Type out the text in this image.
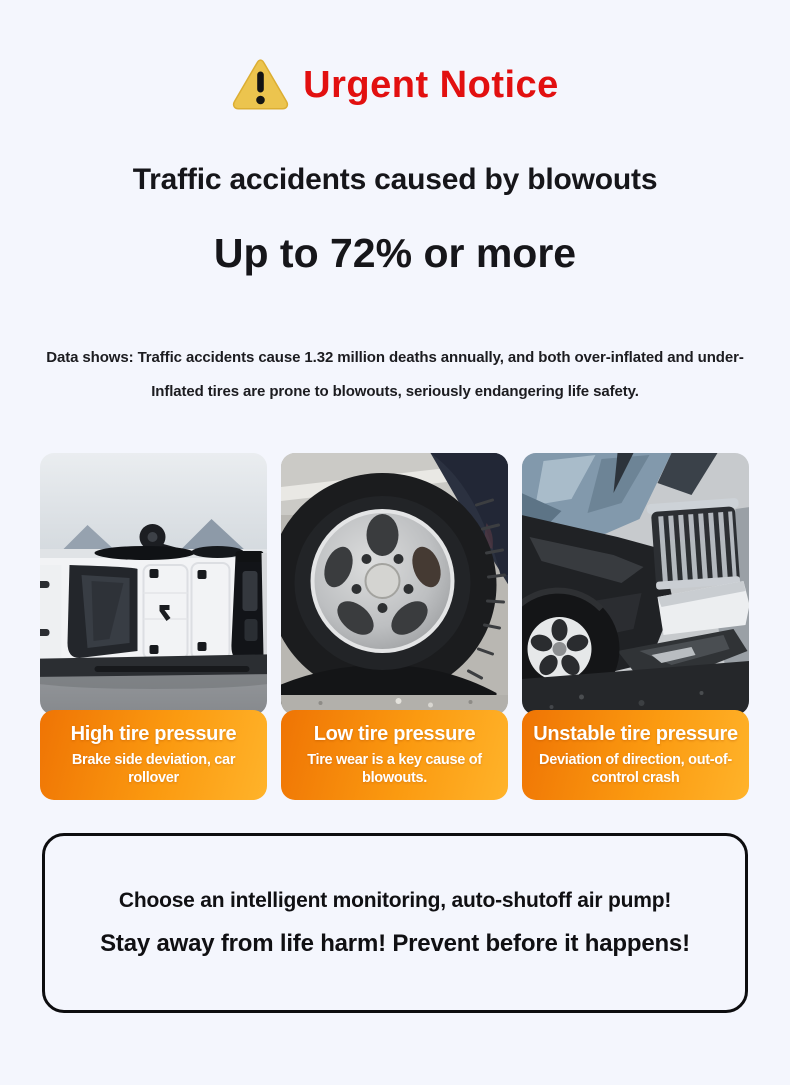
Urgent Notice
Traffic accidents caused by blowouts
Up to 72% or more
Data shows: Traffic accidents cause 1.32 million deaths annually, and both over-inflated and under-
Inflated tires are prone to blowouts, seriously endangering life safety.
High tire pressure
Brake side deviation, car rollover
Low tire pressure
Tire wear is a key cause of blowouts.
Unstable tire pressure
Deviation of direction, out-of-control crash
Choose an intelligent monitoring, auto-shutoff air pump!
Stay away from life harm! Prevent before it happens!
